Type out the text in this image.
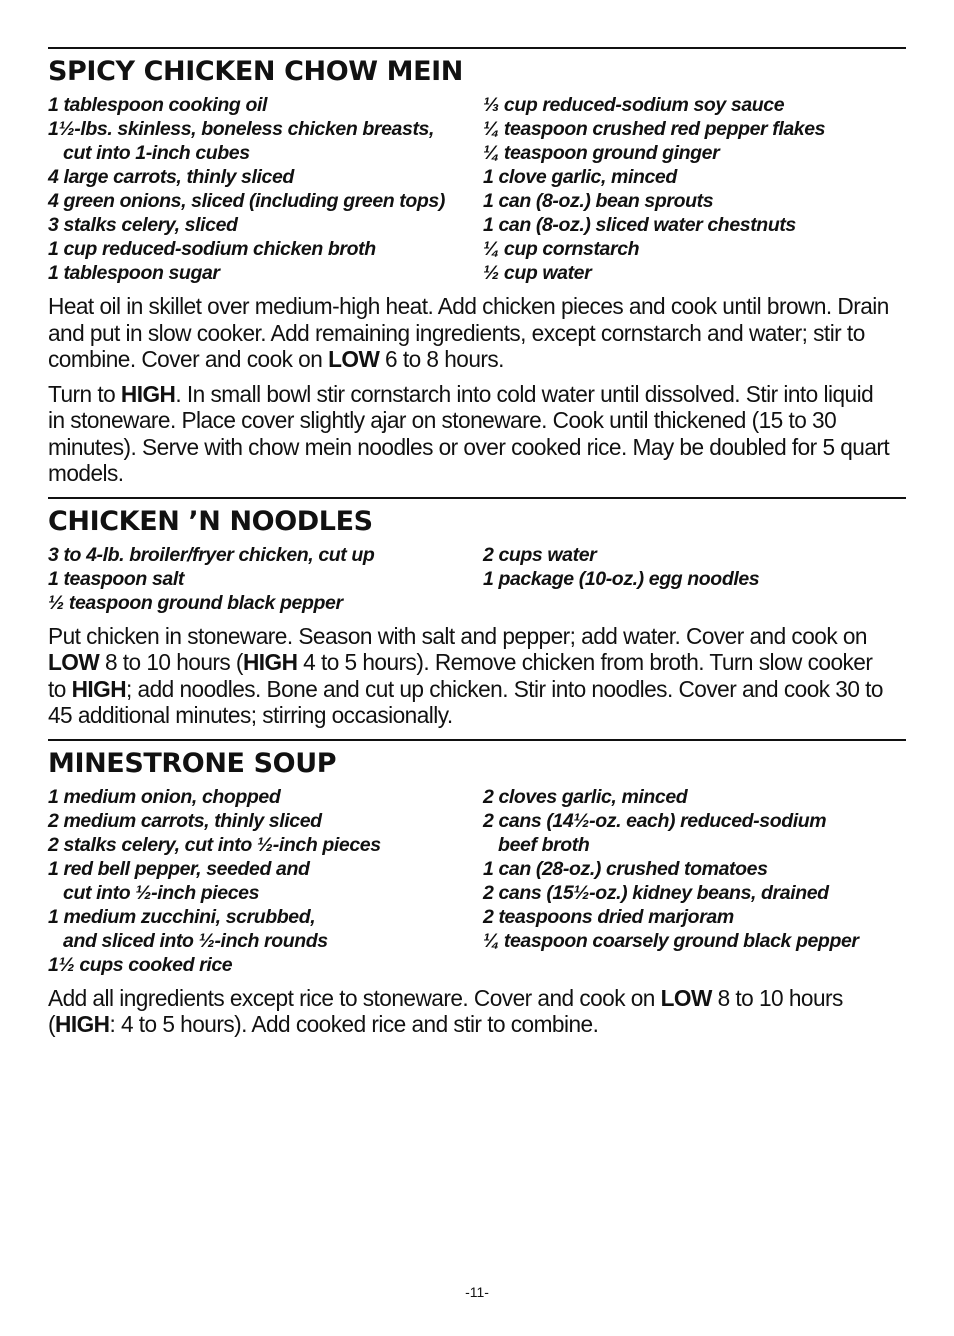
SPICY CHICKEN CHOW MEIN
1 tablespoon cooking oil
1½-lbs. skinless, boneless chicken breasts,
cut into 1-inch cubes
4 large carrots, thinly sliced
4 green onions, sliced (including green tops)
3 stalks celery, sliced
1 cup reduced-sodium chicken broth
1 tablespoon sugar
⅓ cup reduced-sodium soy sauce
¼ teaspoon crushed red pepper flakes
¼ teaspoon ground ginger
1 clove garlic, minced
1 can (8-oz.) bean sprouts
1 can (8-oz.) sliced water chestnuts
¼ cup cornstarch
½ cup water

Heat oil in skillet over medium-high heat. Add chicken pieces and cook until brown. Drain and put in slow cooker. Add remaining ingredients, except cornstarch and water; stir to combine. Cover and cook on LOW 6 to 8 hours.

Turn to HIGH. In small bowl stir cornstarch into cold water until dissolved. Stir into liquid in stoneware. Place cover slightly ajar on stoneware. Cook until thickened (15 to 30 minutes). Serve with chow mein noodles or over cooked rice. May be doubled for 5 quart models.

CHICKEN ’N NOODLES
3 to 4-lb. broiler/fryer chicken, cut up
1 teaspoon salt
½ teaspoon ground black pepper
2 cups water
1 package (10-oz.) egg noodles

Put chicken in stoneware. Season with salt and pepper; add water. Cover and cook on LOW 8 to 10 hours (HIGH 4 to 5 hours). Remove chicken from broth. Turn slow cooker to HIGH; add noodles. Bone and cut up chicken. Stir into noodles. Cover and cook 30 to 45 additional minutes; stirring occasionally.

MINESTRONE SOUP
1 medium onion, chopped
2 medium carrots, thinly sliced
2 stalks celery, cut into ½-inch pieces
1 red bell pepper, seeded and
cut into ½-inch pieces
1 medium zucchini, scrubbed,
and sliced into ½-inch rounds
1½ cups cooked rice
2 cloves garlic, minced
2 cans (14½-oz. each) reduced-sodium
beef broth
1 can (28-oz.) crushed tomatoes
2 cans (15½-oz.) kidney beans, drained
2 teaspoons dried marjoram
¼ teaspoon coarsely ground black pepper

Add all ingredients except rice to stoneware. Cover and cook on LOW 8 to 10 hours (HIGH: 4 to 5 hours). Add cooked rice and stir to combine.

-11-
